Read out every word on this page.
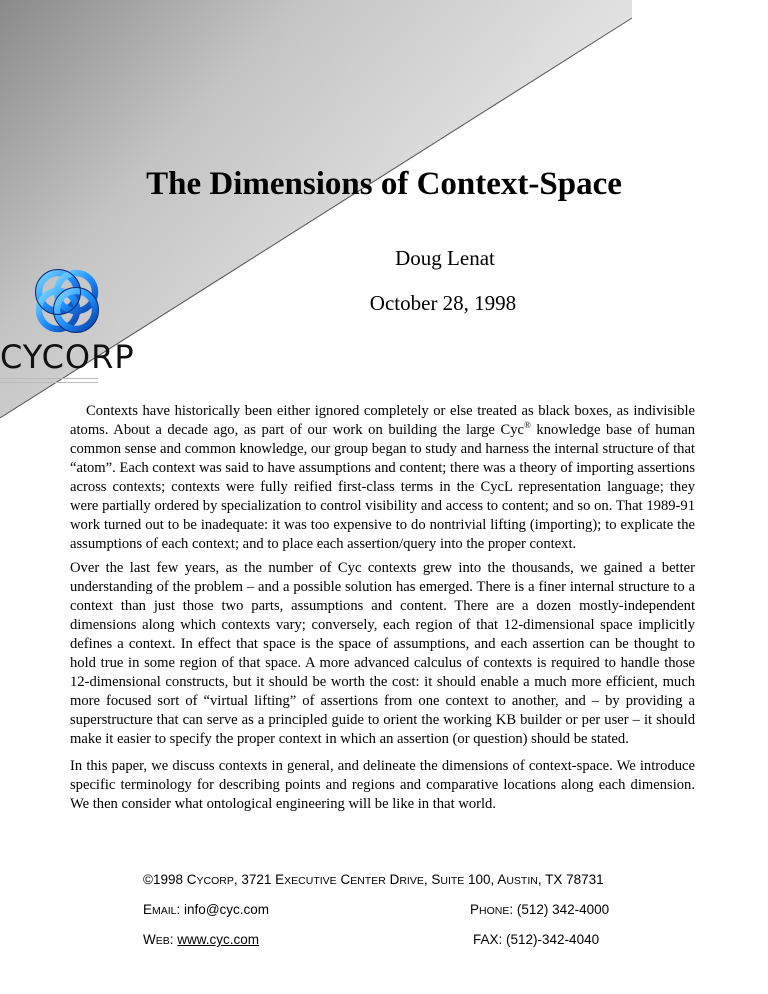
The Dimensions of Context-Space
Doug Lenat
October 28, 1998
CYCORP

Contexts have historically been either ignored completely or else treated as black boxes, as indivisible atoms. About a decade ago, as part of our work on building the large Cyc® knowledge base of human common sense and common knowledge, our group began to study and harness the internal structure of that “atom”. Each context was said to have assumptions and content; there was a theory of importing assertions across contexts; contexts were fully reified first-class terms in the CycL representation language; they were partially ordered by specialization to control visibility and access to content; and so on. That 1989-91 work turned out to be inadequate: it was too expensive to do nontrivial lifting (importing); to explicate the assumptions of each context; and to place each assertion/query into the proper context.

Over the last few years, as the number of Cyc contexts grew into the thousands, we gained a better understanding of the problem – and a possible solution has emerged. There is a finer internal structure to a context than just those two parts, assumptions and content. There are a dozen mostly-independent dimensions along which contexts vary; conversely, each region of that 12-dimensional space implicitly defines a context. In effect that space is the space of assumptions, and each assertion can be thought to hold true in some region of that space. A more advanced calculus of contexts is required to handle those 12-dimensional constructs, but it should be worth the cost: it should enable a much more efficient, much more focused sort of “virtual lifting” of assertions from one context to another, and – by providing a superstructure that can serve as a principled guide to orient the working KB builder or per user – it should make it easier to specify the proper context in which an assertion (or question) should be stated.

In this paper, we discuss contexts in general, and delineate the dimensions of context-space. We introduce specific terminology for describing points and regions and comparative locations along each dimension. We then consider what ontological engineering will be like in that world.

©1998 CYCORP, 3721 EXECUTIVE CENTER DRIVE, SUITE 100, AUSTIN, TX 78731
EMAIL: info@cyc.com	PHONE: (512) 342-4000
WEB: www.cyc.com	FAX: (512)-342-4040
